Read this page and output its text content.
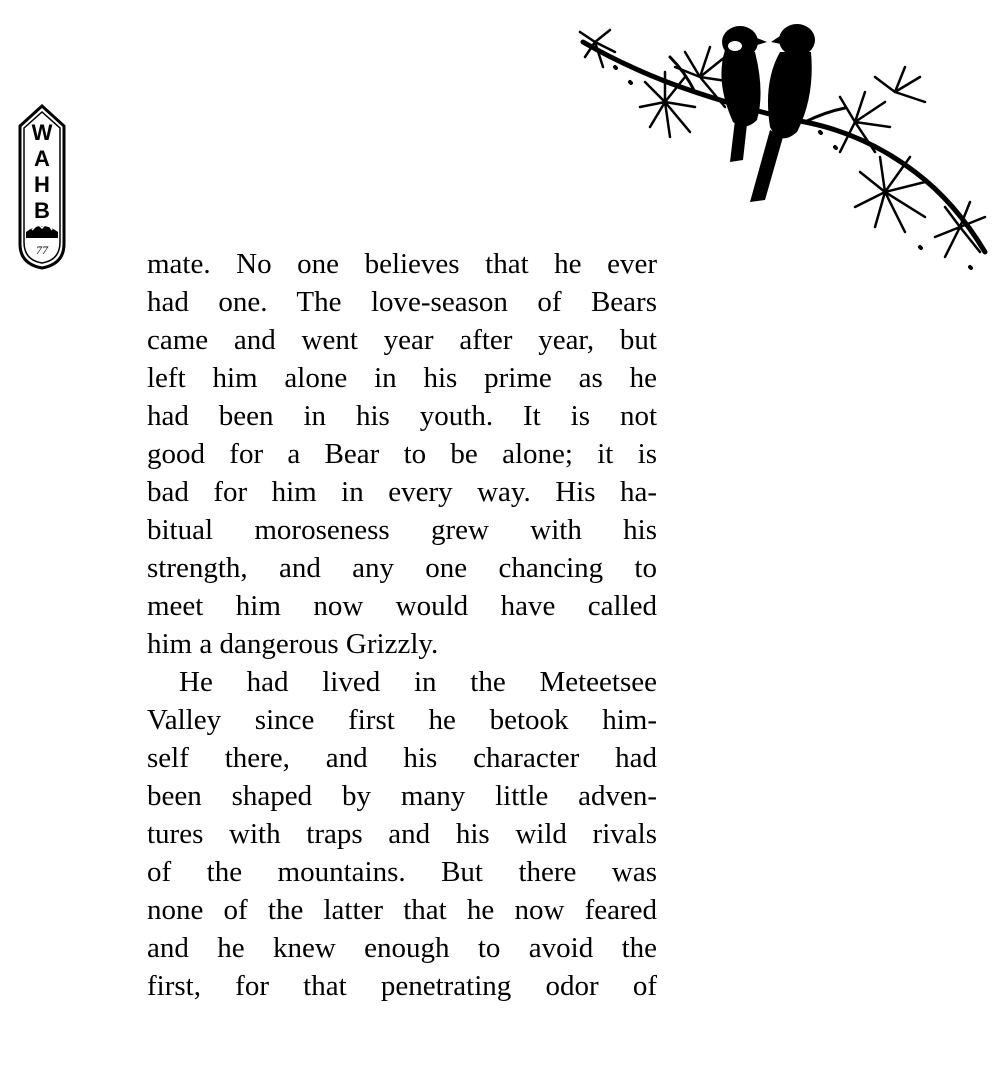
W
A
H
B
77	mate. No one believes that he ever
had one. The love-season of Bears
came and went year after year, but
left him alone in his prime as he
had been in his youth. It is not
good for a Bear to be alone; it is
bad for him in every way. His ha-
bitual moroseness grew with his
strength, and any one chancing to
meet him now would have called
him a dangerous Grizzly.
He had lived in the Meteetsee
Valley since first he betook him-
self there, and his character had
been shaped by many little adven-
tures with traps and his wild rivals
of the mountains. But there was
none of the latter that he now feared
and he knew enough to avoid the
first, for that penetrating odor of
